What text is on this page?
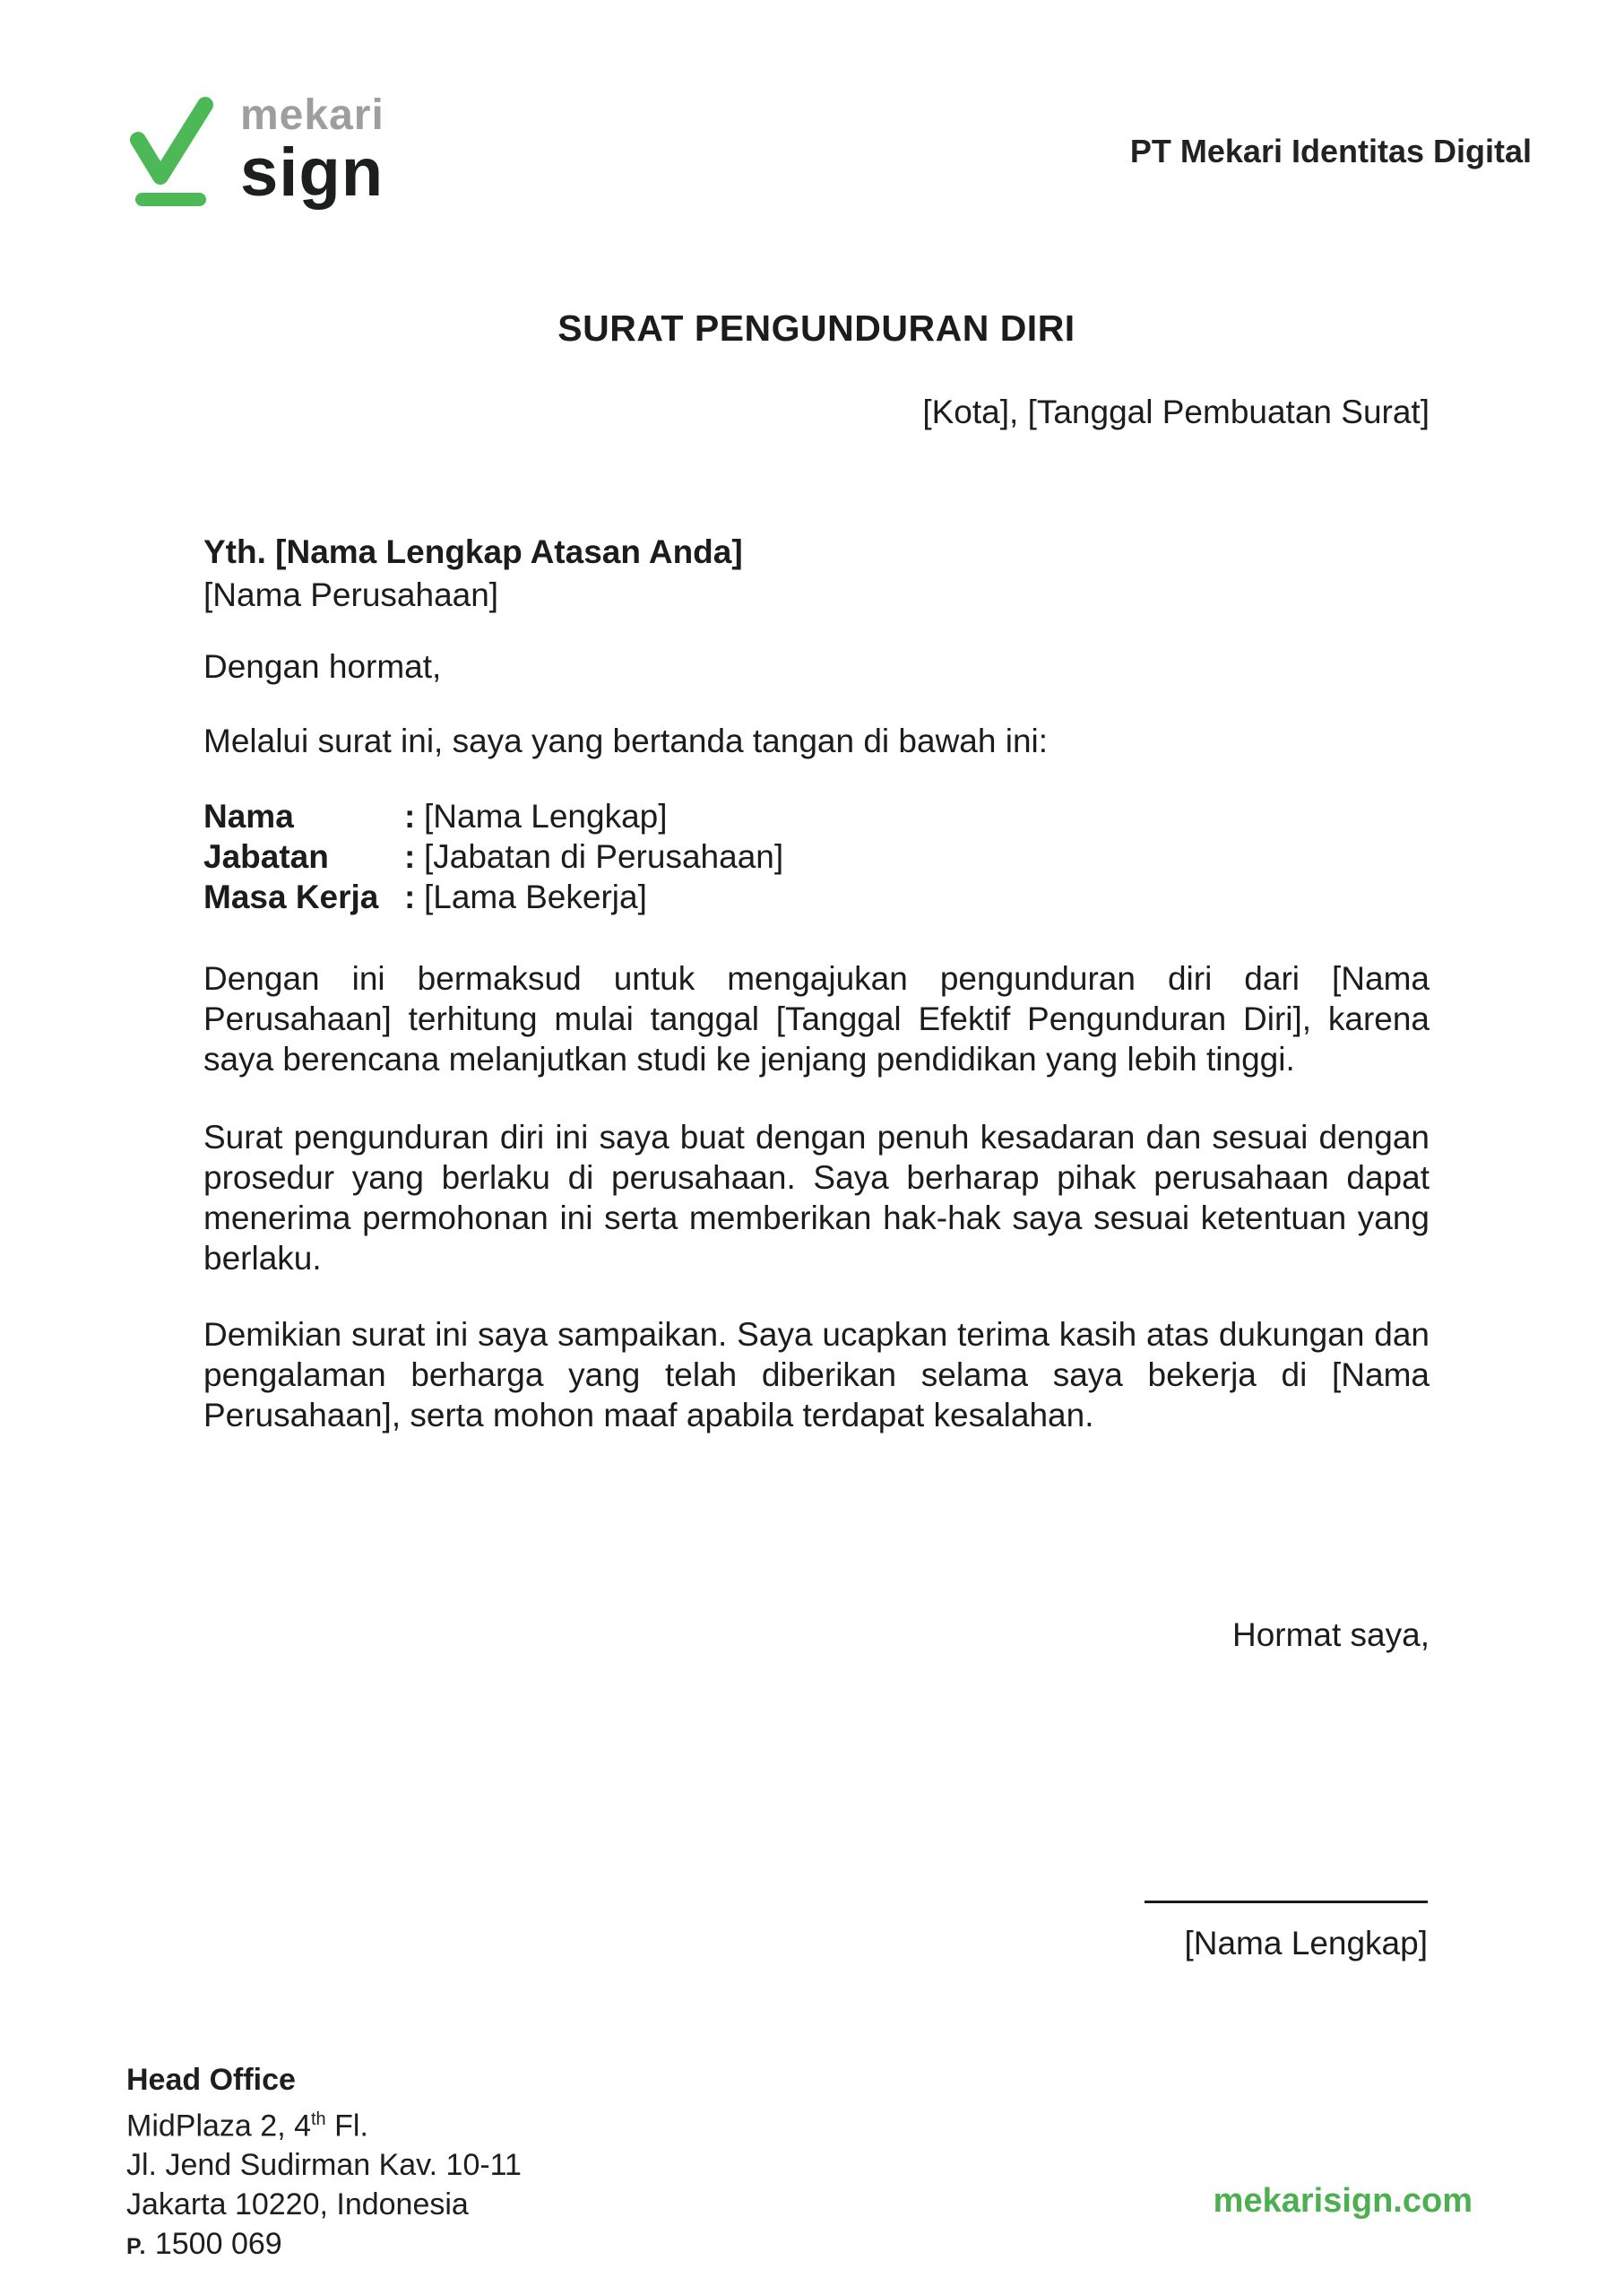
mekari
sign	PT Mekari Identitas Digital
SURAT PENGUNDURAN DIRI
[Kota], [Tanggal Pembuatan Surat]
Yth. [Nama Lengkap Atasan Anda]
[Nama Perusahaan]
Dengan hormat,
Melalui surat ini, saya yang bertanda tangan di bawah ini:
Nama	: [Nama Lengkap]
Jabatan	: [Jabatan di Perusahaan]
Masa Kerja : [Lama Bekerja]

Dengan ini bermaksud untuk mengajukan pengunduran diri dari [Nama Perusahaan] terhitung mulai tanggal [Tanggal Efektif Pengunduran Diri], karena saya berencana melanjutkan studi ke jenjang pendidikan yang lebih tinggi.

Surat pengunduran diri ini saya buat dengan penuh kesadaran dan sesuai dengan prosedur yang berlaku di perusahaan. Saya berharap pihak perusahaan dapat menerima permohonan ini serta memberikan hak-hak saya sesuai ketentuan yang berlaku.

Demikian surat ini saya sampaikan. Saya ucapkan terima kasih atas dukungan dan pengalaman berharga yang telah diberikan selama saya bekerja di [Nama Perusahaan], serta mohon maaf apabila terdapat kesalahan.

Hormat saya,
[Nama Lengkap]
Head Office
MidPlaza 2, 4th Fl.
Jl. Jend Sudirman Kav. 10-11
Jakarta 10220, Indonesia
P. 1500 069
mekarisign.com
